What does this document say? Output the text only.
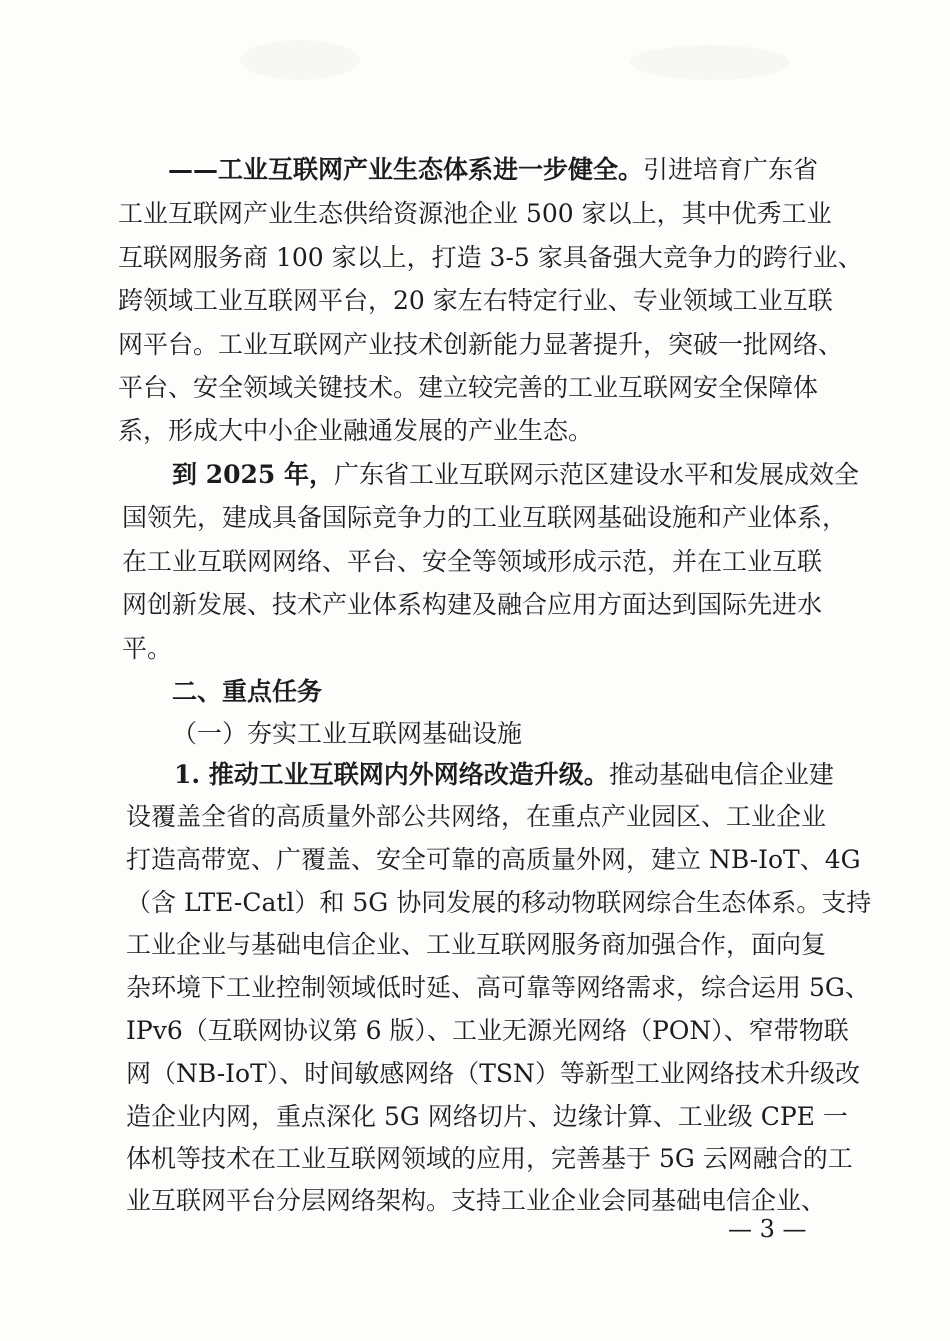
——工业互联网产业生态体系进一步健全。引进培育广东省
工业互联网产业生态供给资源池企业 500 家以上，其中优秀工业
互联网服务商 100 家以上，打造 3-5 家具备强大竞争力的跨行业、
跨领域工业互联网平台，20 家左右特定行业、专业领域工业互联
网平台。工业互联网产业技术创新能力显著提升，突破一批网络、
平台、安全领域关键技术。建立较完善的工业互联网安全保障体
系，形成大中小企业融通发展的产业生态。
到 2025 年，广东省工业互联网示范区建设水平和发展成效全
国领先，建成具备国际竞争力的工业互联网基础设施和产业体系，
在工业互联网网络、平台、安全等领域形成示范，并在工业互联
网创新发展、技术产业体系构建及融合应用方面达到国际先进水
平。
二、重点任务
（一）夯实工业互联网基础设施
1. 推动工业互联网内外网络改造升级。推动基础电信企业建
设覆盖全省的高质量外部公共网络，在重点产业园区、工业企业
打造高带宽、广覆盖、安全可靠的高质量外网，建立 NB-IoT、4G
（含 LTE-Catl）和 5G 协同发展的移动物联网综合生态体系。支持
工业企业与基础电信企业、工业互联网服务商加强合作，面向复
杂环境下工业控制领域低时延、高可靠等网络需求，综合运用 5G、
IPv6（互联网协议第 6 版）、工业无源光网络（PON）、窄带物联
网（NB-IoT）、时间敏感网络（TSN）等新型工业网络技术升级改
造企业内网，重点深化 5G 网络切片、边缘计算、工业级 CPE 一
体机等技术在工业互联网领域的应用，完善基于 5G 云网融合的工
业互联网平台分层网络架构。支持工业企业会同基础电信企业、
— 3 —
